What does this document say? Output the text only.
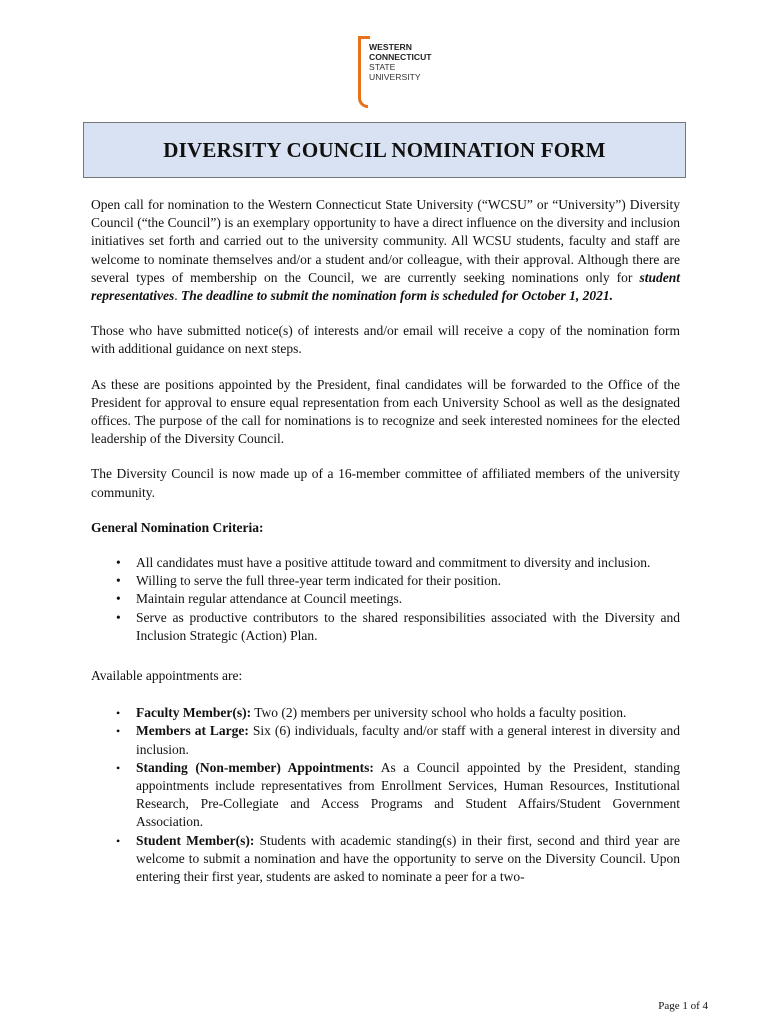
WESTERN
CONNECTICUT
STATE
UNIVERSITY
DIVERSITY COUNCIL NOMINATION FORM

Open call for nomination to the Western Connecticut State University (“WCSU” or “University”) Diversity Council (“the Council”) is an exemplary opportunity to have a direct influence on the diversity and inclusion initiatives set forth and carried out to the university community. All WCSU students, faculty and staff are welcome to nominate themselves and/or a student and/or colleague, with their approval. Although there are several types of membership on the Council, we are currently seeking nominations only for student representatives. The deadline to submit the nomination form is scheduled for October 1, 2021.

Those who have submitted notice(s) of interests and/or email will receive a copy of the nomination form with additional guidance on next steps.

As these are positions appointed by the President, final candidates will be forwarded to the Office of the President for approval to ensure equal representation from each University School as well as the designated offices. The purpose of the call for nominations is to recognize and seek interested nominees for the elected leadership of the Diversity Council.

The Diversity Council is now made up of a 16-member committee of affiliated members of the university community.

General Nomination Criteria:
• All candidates must have a positive attitude toward and commitment to diversity and inclusion.
• Willing to serve the full three-year term indicated for their position.
• Maintain regular attendance at Council meetings.
• Serve as productive contributors to the shared responsibilities associated with the Diversity and Inclusion Strategic (Action) Plan.
Available appointments are:
• Faculty Member(s): Two (2) members per university school who holds a faculty position.
• Members at Large: Six (6) individuals, faculty and/or staff with a general interest in diversity and inclusion.
• Standing (Non-member) Appointments: As a Council appointed by the President, standing appointments include representatives from Enrollment Services, Human Resources, Institutional Research, Pre-Collegiate and Access Programs and Student Affairs/Student Government Association.
• Student Member(s): Students with academic standing(s) in their first, second and third year are welcome to submit a nomination and have the opportunity to serve on the Diversity Council. Upon entering their first year, students are asked to nominate a peer for a two-
Page 1 of 4
